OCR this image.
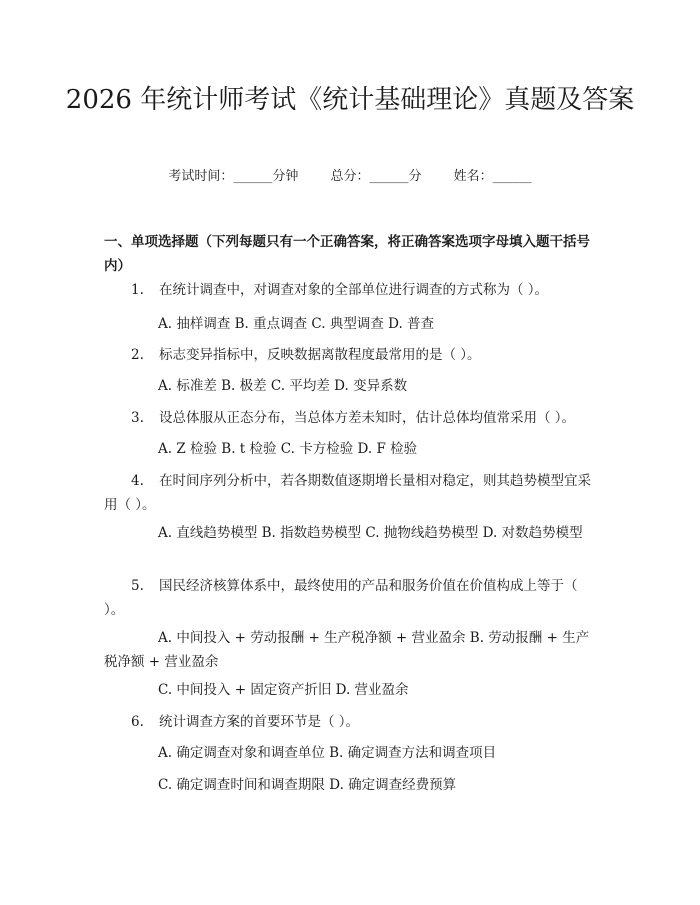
2026 年统计师考试《统计基础理论》真题及答案
考试时间：______分钟 总分：______分 姓名：______
一、单项选择题（下列每题只有一个正确答案，将正确答案选项字母填入题干括号内）

1. 在统计调查中，对调查对象的全部单位进行调查的方式称为（ ）。

A. 抽样调查 B. 重点调查 C. 典型调查 D. 普查

2. 标志变异指标中，反映数据离散程度最常用的是（ ）。

A. 标准差 B. 极差 C. 平均差 D. 变异系数

3. 设总体服从正态分布，当总体方差未知时，估计总体均值常采用（ ）。

A. Z 检验 B. t 检验 C. 卡方检验 D. F 检验

4. 在时间序列分析中，若各期数值逐期增长量相对稳定，则其趋势模型宜采用（ ）。

A. 直线趋势模型 B. 指数趋势模型 C. 抛物线趋势模型 D. 对数趋势模型

5. 国民经济核算体系中，最终使用的产品和服务价值在价值构成上等于（ ）。

A. 中间投入 + 劳动报酬 + 生产税净额 + 营业盈余 B. 劳动报酬 + 生产税净额 + 营业盈余

C. 中间投入 + 固定资产折旧 D. 营业盈余

6. 统计调查方案的首要环节是（ ）。

A. 确定调查对象和调查单位 B. 确定调查方法和调查项目

C. 确定调查时间和调查期限 D. 确定调查经费预算
